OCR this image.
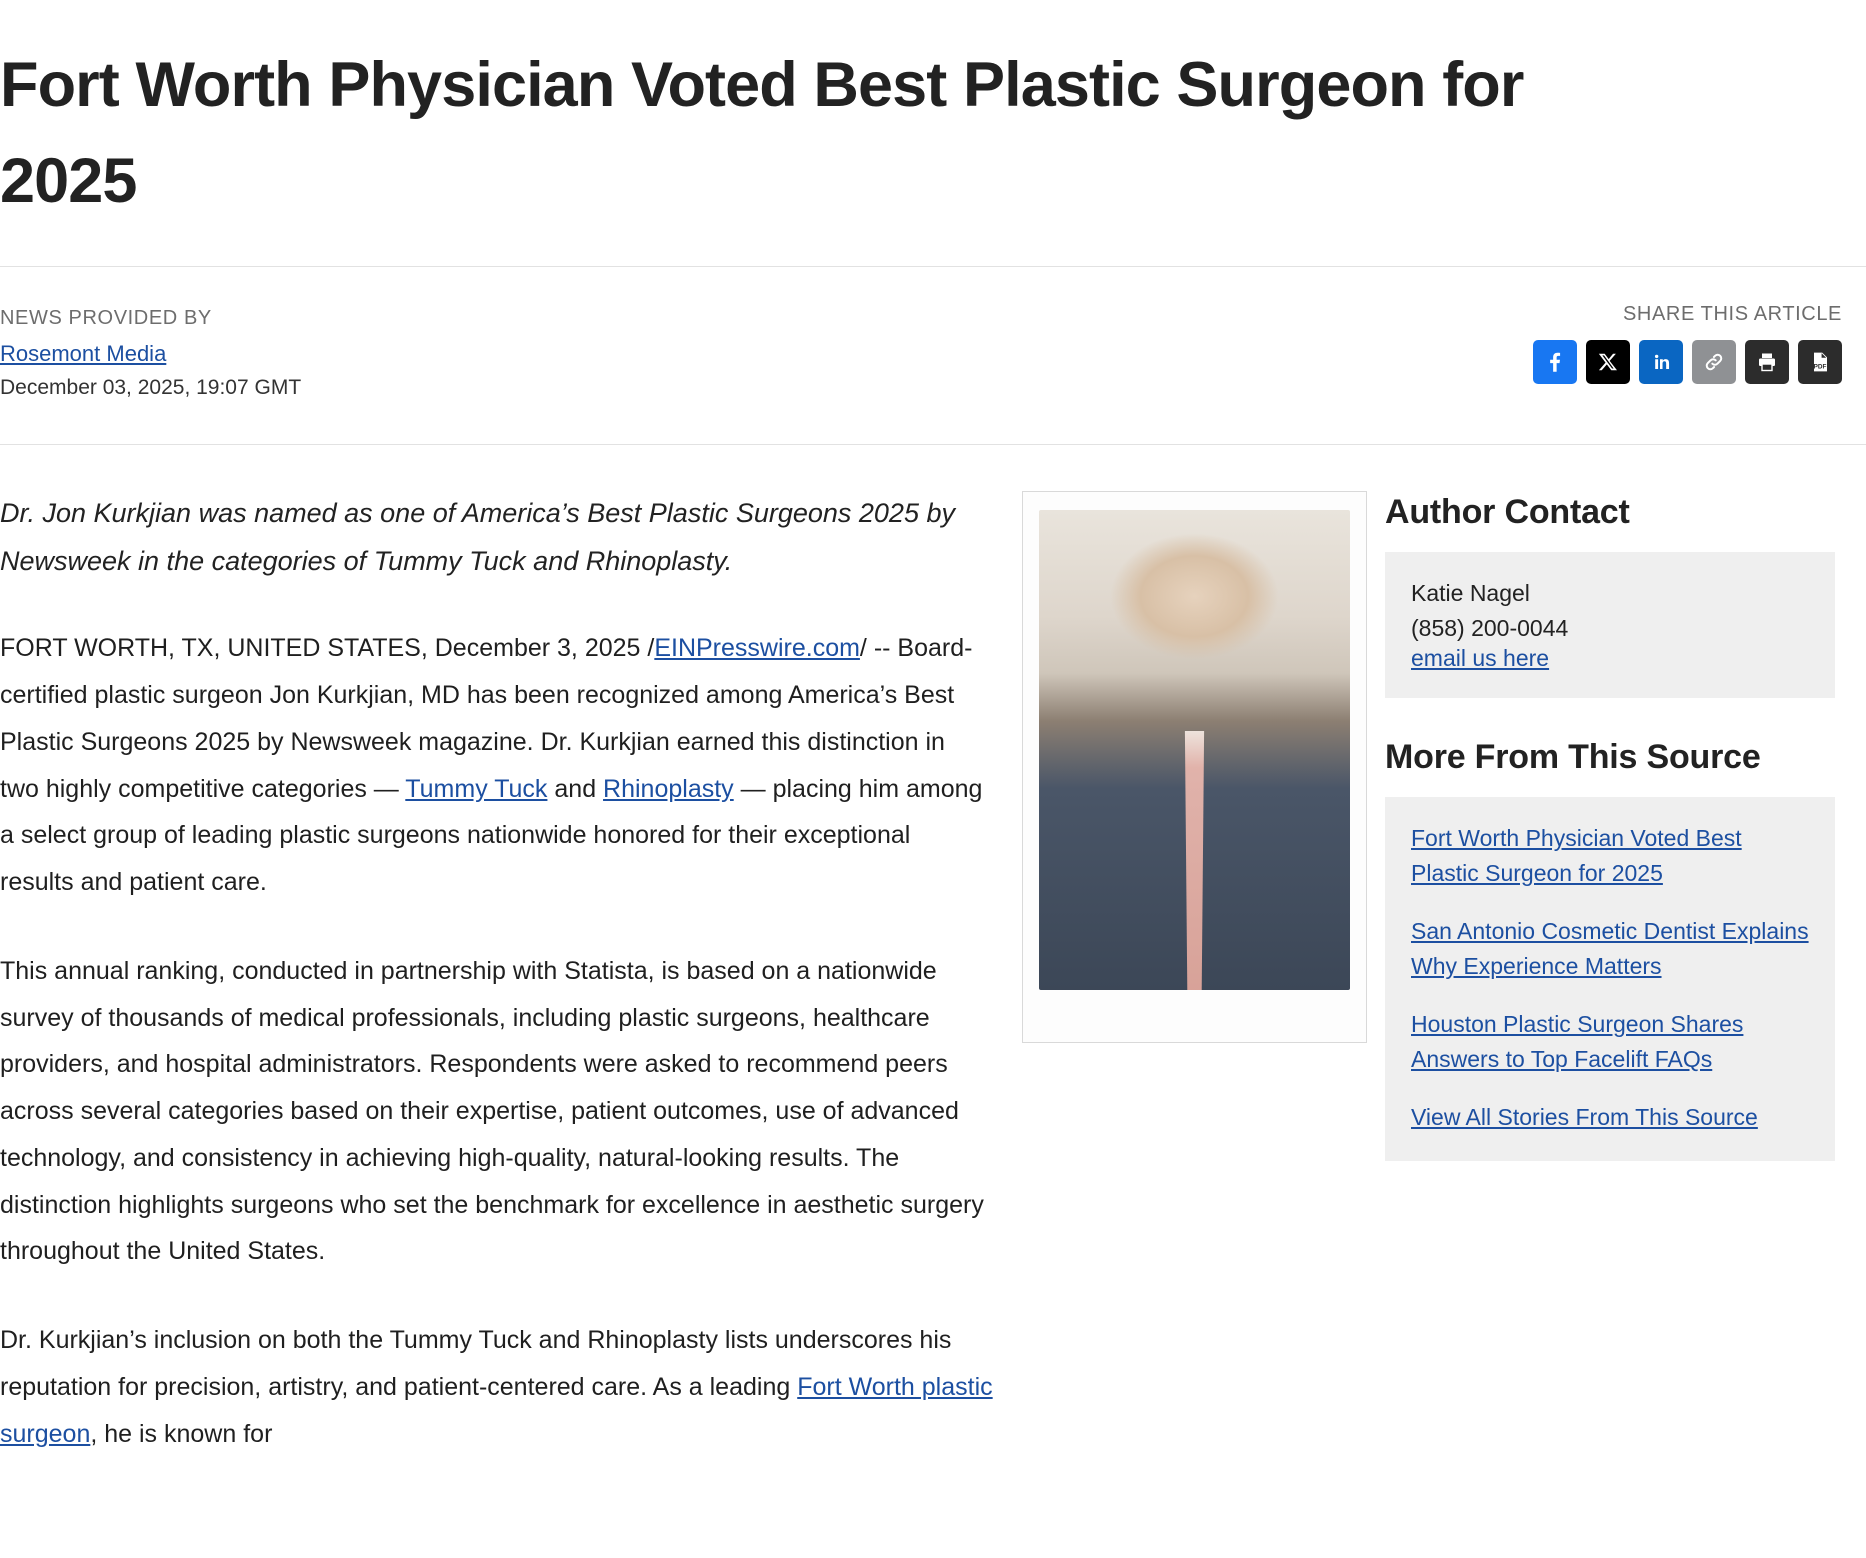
Fort Worth Physician Voted Best Plastic Surgeon for 2025
NEWS PROVIDED BY
Rosemont Media
December 03, 2025, 19:07 GMT
SHARE THIS ARTICLE
PDF

Dr. Jon Kurkjian was named as one of America’s Best Plastic Surgeons 2025 by Newsweek in the categories of Tummy Tuck and Rhinoplasty.

FORT WORTH, TX, UNITED STATES, December 3, 2025 /EINPresswire.com/ -- Board-certified plastic surgeon Jon Kurkjian, MD has been recognized among America’s Best Plastic Surgeons 2025 by Newsweek magazine. Dr. Kurkjian earned this distinction in two highly competitive categories — Tummy Tuck and Rhinoplasty — placing him among a select group of leading plastic surgeons nationwide honored for their exceptional results and patient care.

This annual ranking, conducted in partnership with Statista, is based on a nationwide survey of thousands of medical professionals, including plastic surgeons, healthcare providers, and hospital administrators. Respondents were asked to recommend peers across several categories based on their expertise, patient outcomes, use of advanced technology, and consistency in achieving high-quality, natural-looking results. The distinction highlights surgeons who set the benchmark for excellence in aesthetic surgery throughout the United States.

Dr. Kurkjian’s inclusion on both the Tummy Tuck and Rhinoplasty lists underscores his reputation for precision, artistry, and patient-centered care. As a leading Fort Worth plastic surgeon, he is known for

Author Contact

Katie Nagel

(858) 200-0044

email us here
More From This Source
Fort Worth Physician Voted Best Plastic Surgeon for 2025
San Antonio Cosmetic Dentist Explains Why Experience Matters
Houston Plastic Surgeon Shares Answers to Top Facelift FAQs
View All Stories From This Source
